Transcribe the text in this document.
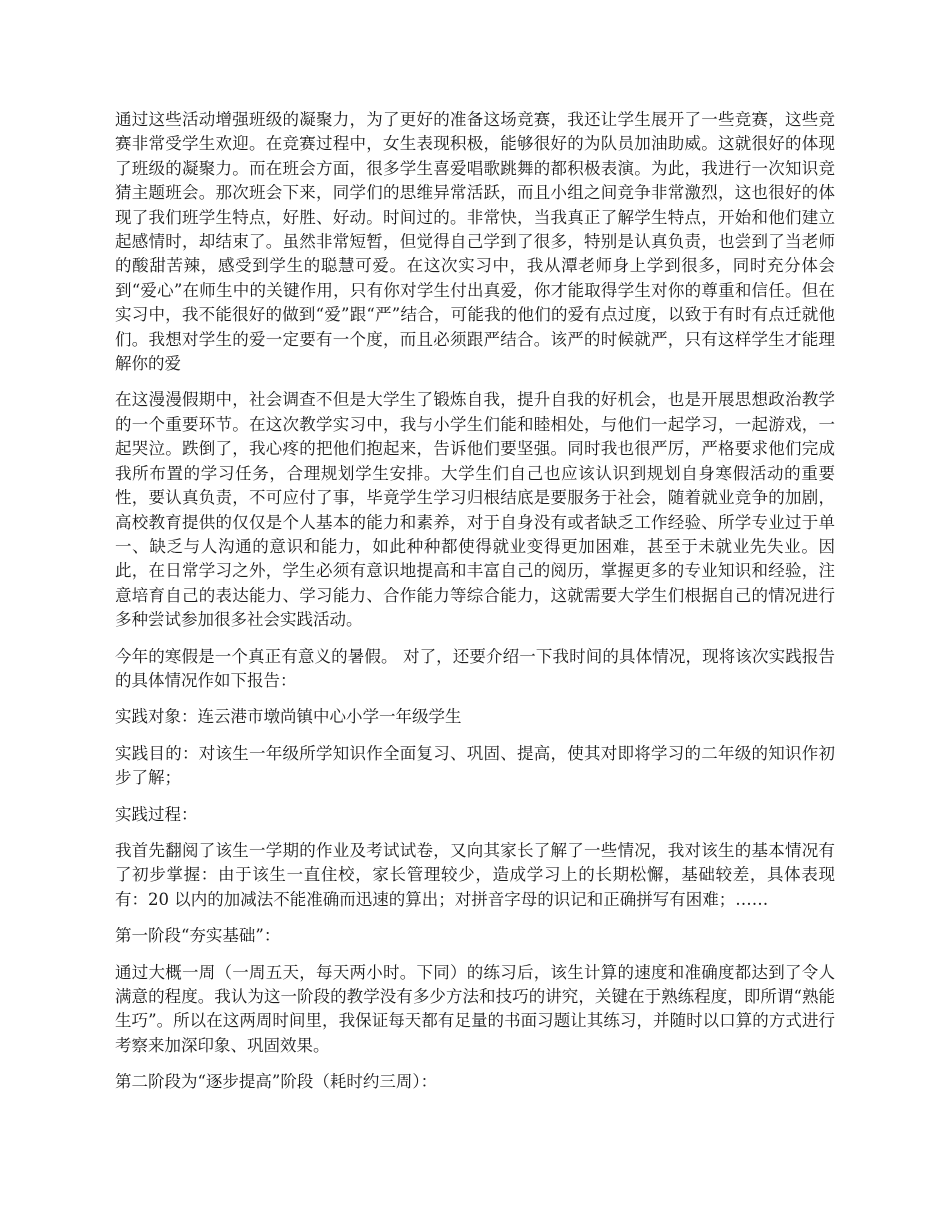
通过这些活动增强班级的凝聚力，为了更好的准备这场竞赛，我还让学生展开了一些竞赛，这些竞赛非常受学生欢迎。在竞赛过程中，女生表现积极，能够很好的为队员加油助威。这就很好的体现了班级的凝聚力。而在班会方面，很多学生喜爱唱歌跳舞的都积极表演。为此，我进行一次知识竞猜主题班会。那次班会下来，同学们的思维异常活跃，而且小组之间竞争非常激烈，这也很好的体现了我们班学生特点，好胜、好动。时间过的。非常快，当我真正了解学生特点，开始和他们建立起感情时，却结束了。虽然非常短暂，但觉得自己学到了很多，特别是认真负责，也尝到了当老师的酸甜苦辣，感受到学生的聪慧可爱。在这次实习中，我从潭老师身上学到很多，同时充分体会到“爱心”在师生中的关键作用，只有你对学生付出真爱，你才能取得学生对你的尊重和信任。但在实习中，我不能很好的做到“爱”跟“严”结合，可能我的他们的爱有点过度，以致于有时有点迁就他们。我想对学生的爱一定要有一个度，而且必须跟严结合。该严的时候就严，只有这样学生才能理解你的爱

在这漫漫假期中，社会调查不但是大学生了锻炼自我，提升自我的好机会，也是开展思想政治教学的一个重要环节。在这次教学实习中，我与小学生们能和睦相处，与他们一起学习，一起游戏，一起哭泣。跌倒了，我心疼的把他们抱起来，告诉他们要坚强。同时我也很严厉，严格要求他们完成我所布置的学习任务，合理规划学生安排。大学生们自己也应该认识到规划自身寒假活动的重要性，要认真负责，不可应付了事，毕竟学生学习归根结底是要服务于社会，随着就业竞争的加剧，高校教育提供的仅仅是个人基本的能力和素养，对于自身没有或者缺乏工作经验、所学专业过于单一、缺乏与人沟通的意识和能力，如此种种都使得就业变得更加困难，甚至于未就业先失业。因此，在日常学习之外，学生必须有意识地提高和丰富自己的阅历，掌握更多的专业知识和经验，注意培育自己的表达能力、学习能力、合作能力等综合能力，这就需要大学生们根据自己的情况进行多种尝试参加很多社会实践活动。

今年的寒假是一个真正有意义的暑假。 对了，还要介绍一下我时间的具体情况，现将该次实践报告的具体情况作如下报告：

实践对象：连云港市墩尚镇中心小学一年级学生

实践目的：对该生一年级所学知识作全面复习、巩固、提高，使其对即将学习的二年级的知识作初步了解；

实践过程：

我首先翻阅了该生一学期的作业及考试试卷，又向其家长了解了一些情况，我对该生的基本情况有了初步掌握：由于该生一直住校，家长管理较少，造成学习上的长期松懈，基础较差，具体表现有：20 以内的加减法不能准确而迅速的算出；对拼音字母的识记和正确拼写有困难；……

第一阶段“夯实基础”：

通过大概一周（一周五天，每天两小时。下同）的练习后，该生计算的速度和准确度都达到了令人满意的程度。我认为这一阶段的教学没有多少方法和技巧的讲究，关键在于熟练程度，即所谓“熟能生巧”。所以在这两周时间里，我保证每天都有足量的书面习题让其练习，并随时以口算的方式进行考察来加深印象、巩固效果。

第二阶段为“逐步提高”阶段（耗时约三周）：
